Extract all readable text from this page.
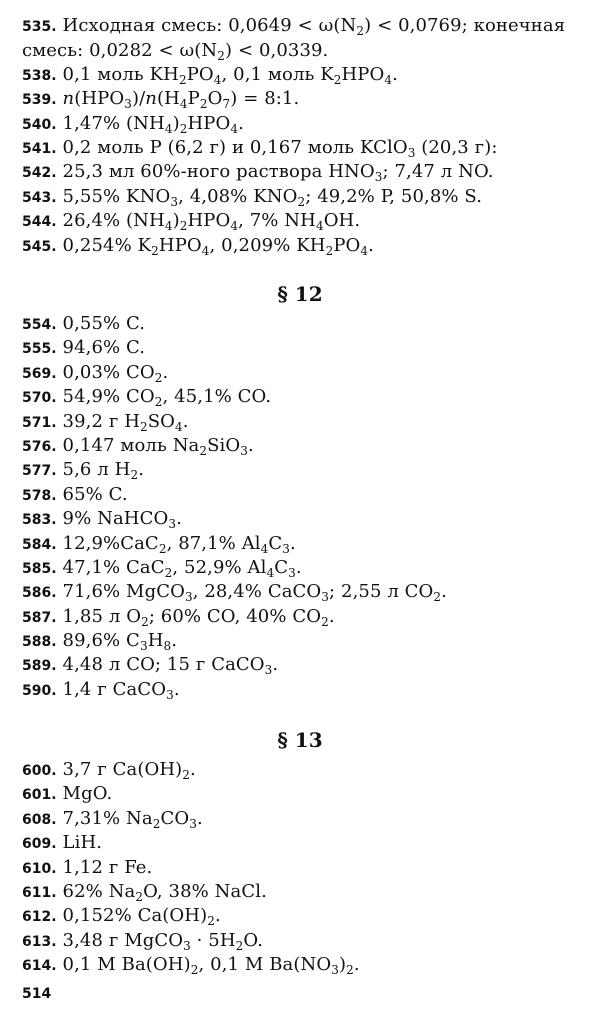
535. Исходная смесь: $0,0649 < \omega(N_2) < 0,0769$; конечная смесь: $0,0282 < \omega(N_2) < 0,0339$.
538. 0,1 моль $KH_2PO_4$, 0,1 моль $K_2HPO_4$.
539. $n(HPO_3)/n(H_4P_2O_7)$ = 8:1.
540. 1,47% $(NH_4)_2HPO_4$.
541. 0,2 моль P (6,2 г) и 0,167 моль KClO$_3$ (20,3 г):
542. 25,3 мл 60%-ного раствора $HNO_3$; 7,47 л NO.
543. 5,55% $KNO_3$, 4,08% $KNO_2$; 49,2% P, 50,8% S.
544. 26,4% $(NH_4)_2HPO_4$, 7% $NH_4OH$.
545. 0,254% $K_2HPO_4$, 0,209% $KH_2PO_4$.
§ 12
554. 0,55% C.
555. 94,6% C.
569. 0,03% $CO_2$.
570. 54,9% $CO_2$, 45,1% CO.
571. 39,2 г $H_2SO_4$.
576. 0,147 моль $Na_2SiO_3$.
577. 5,6 л $H_2$.
578. 65% C.
583. 9% NaHCO$_3$.
584. 12,9%CaC$_2$, 87,1% $Al_4C_3$.
585. 47,1% CaC$_2$, 52,9% $Al_4C_3$.
586. 71,6% MgCO$_3$, 28,4% CaCO$_3$; 2,55 л $CO_2$.
587. 1,85 л $O_2$; 60% CO, 40% $CO_2$.
588. 89,6% $C_3H_8$.
589. 4,48 л CO; 15 г CaCO$_3$.
590. 1,4 г CaCO$_3$.
§ 13
600. 3,7 г $Ca(OH)_2$.
601. MgO.
608. 7,31% $Na_2CO_3$.
609. LiH.
610. 1,12 г Fe.
611. 62% $Na_2O$, 38% NaCl.
612. 0,152% $Ca(OH)_2$.
613. 3,48 г MgCO$_3$ · $5H_2O$.
614. 0,1 M $Ba(OH)_2$, 0,1 M $Ba(NO_3)_2$.
514
